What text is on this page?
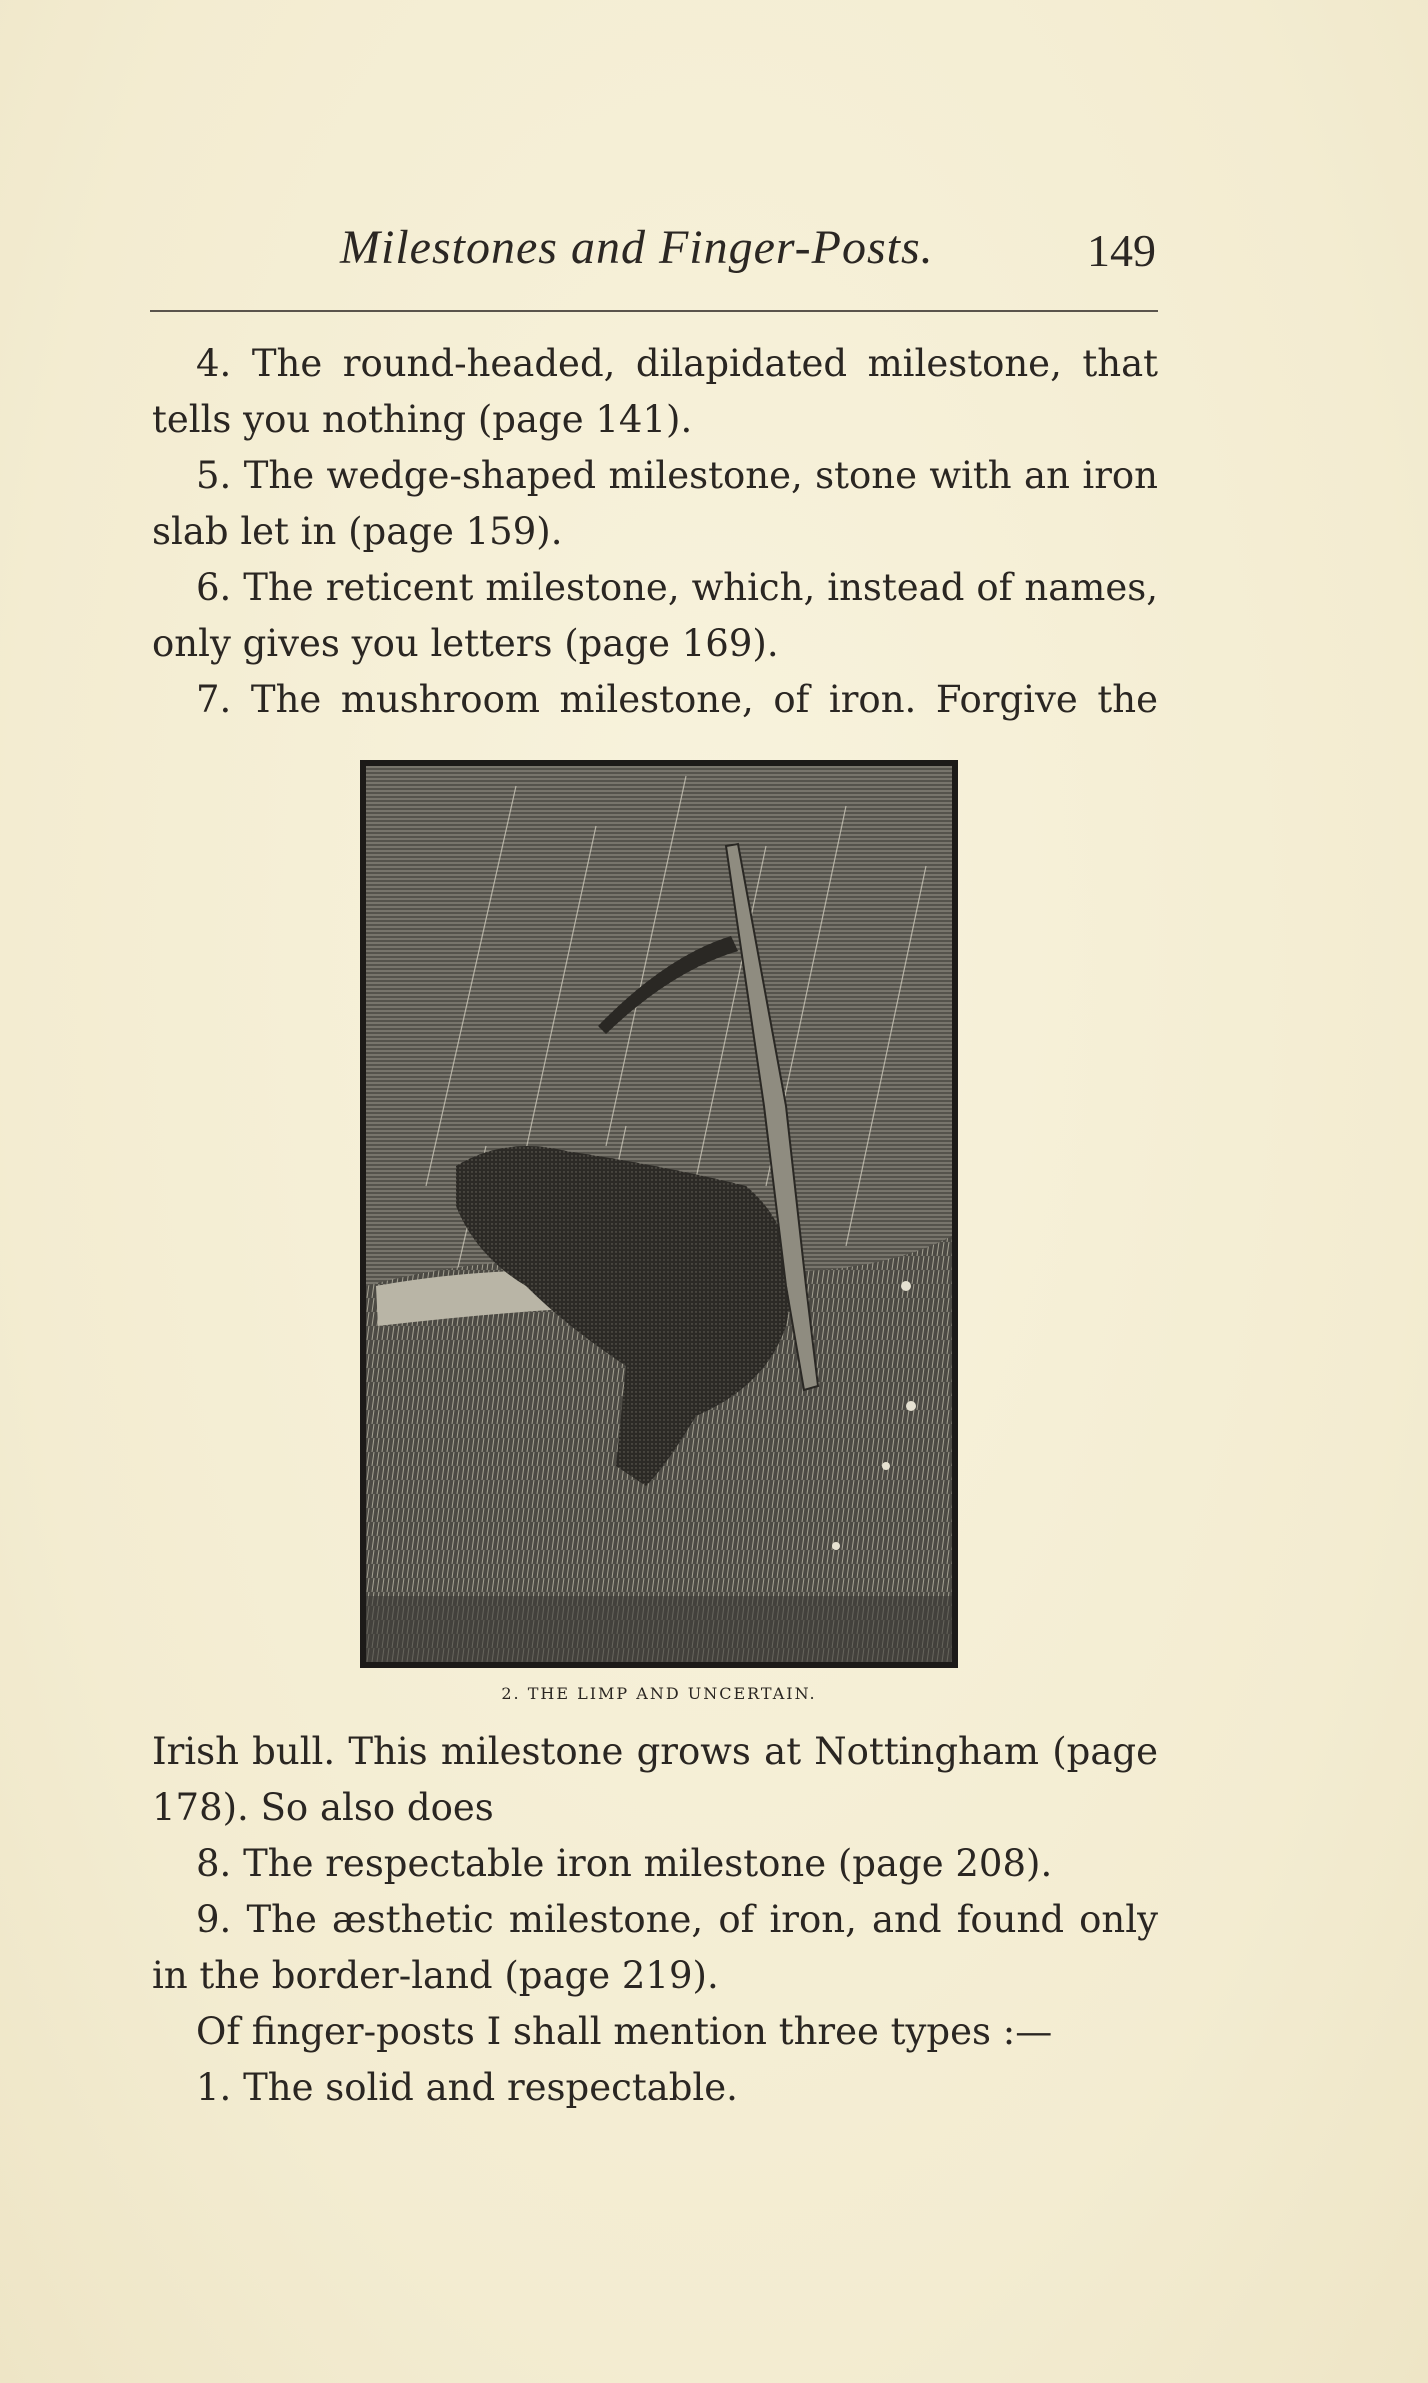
Milestones and Finger-Posts.	149

4. The round-headed, dilapidated milestone, that tells you nothing (page 141).

5. The wedge-shaped milestone, stone with an iron slab let in (page 159).

6. The reticent milestone, which, instead of names, only gives you letters (page 169).

7. The mushroom milestone, of iron. Forgive the

2. THE LIMP AND UNCERTAIN.

Irish bull. This milestone grows at Nottingham (page 178). So also does

8. The respectable iron milestone (page 208).

9. The æsthetic milestone, of iron, and found only in the border-land (page 219).

Of finger-posts I shall mention three types :—

1. The solid and respectable.
